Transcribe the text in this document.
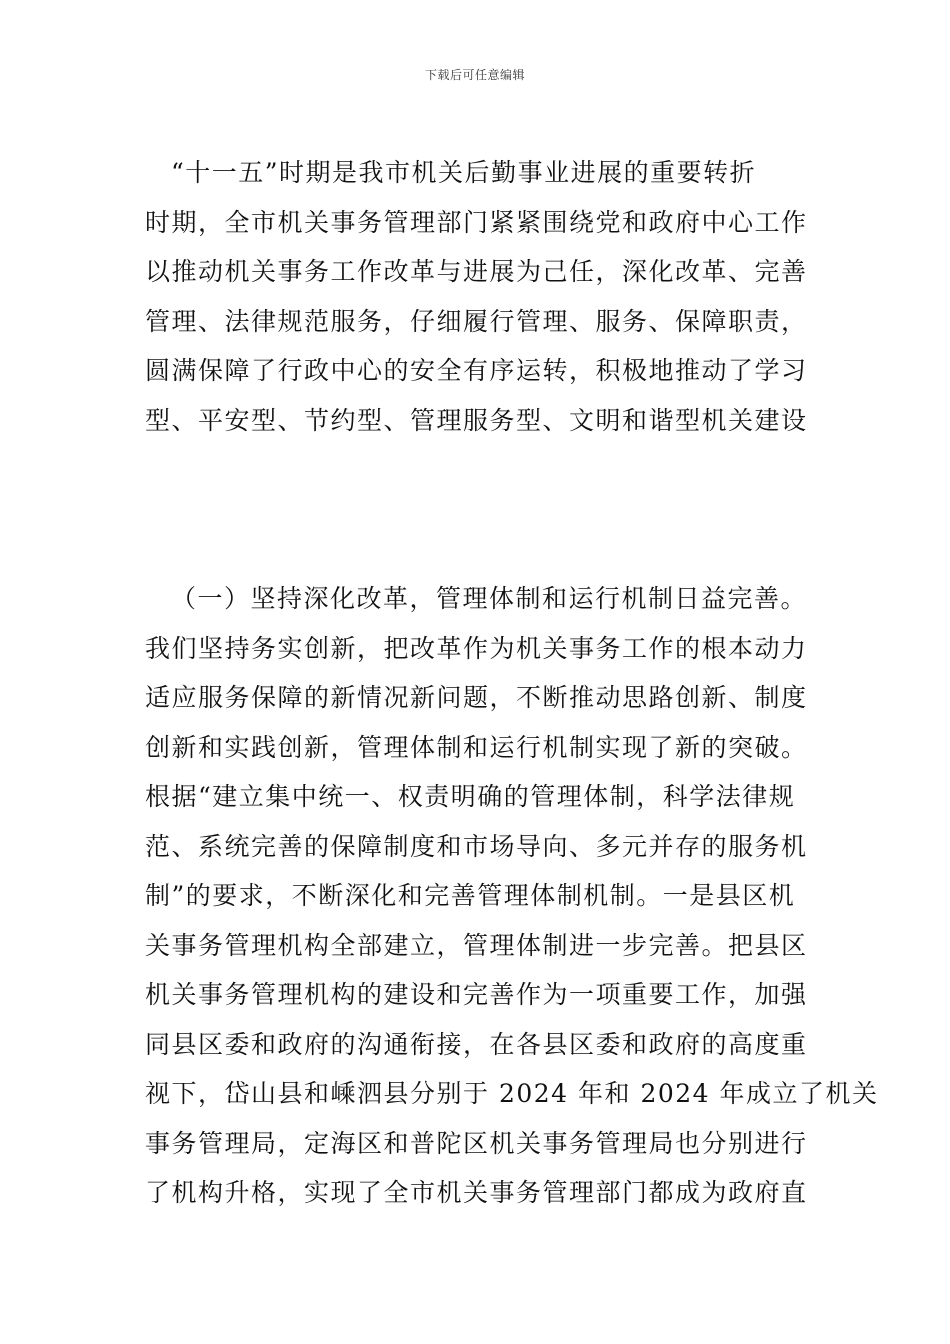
下载后可任意编辑
“十一五”时期是我市机关后勤事业进展的重要转折
时期，全市机关事务管理部门紧紧围绕党和政府中心工作
以推动机关事务工作改革与进展为己任，深化改革、完善
管理、法律规范服务，仔细履行管理、服务、保障职责，
圆满保障了行政中心的安全有序运转，积极地推动了学习
型、平安型、节约型、管理服务型、文明和谐型机关建设
（一）坚持深化改革，管理体制和运行机制日益完善。
我们坚持务实创新，把改革作为机关事务工作的根本动力
适应服务保障的新情况新问题，不断推动思路创新、制度
创新和实践创新，管理体制和运行机制实现了新的突破。
根据“建立集中统一、权责明确的管理体制，科学法律规
范、系统完善的保障制度和市场导向、多元并存的服务机
制”的要求，不断深化和完善管理体制机制。一是县区机
关事务管理机构全部建立，管理体制进一步完善。把县区
机关事务管理机构的建设和完善作为一项重要工作，加强
同县区委和政府的沟通衔接，在各县区委和政府的高度重
视下，岱山县和嵊泗县分别于 2024 年和 2024 年成立了机关
事务管理局，定海区和普陀区机关事务管理局也分别进行
了机构升格，实现了全市机关事务管理部门都成为政府直
